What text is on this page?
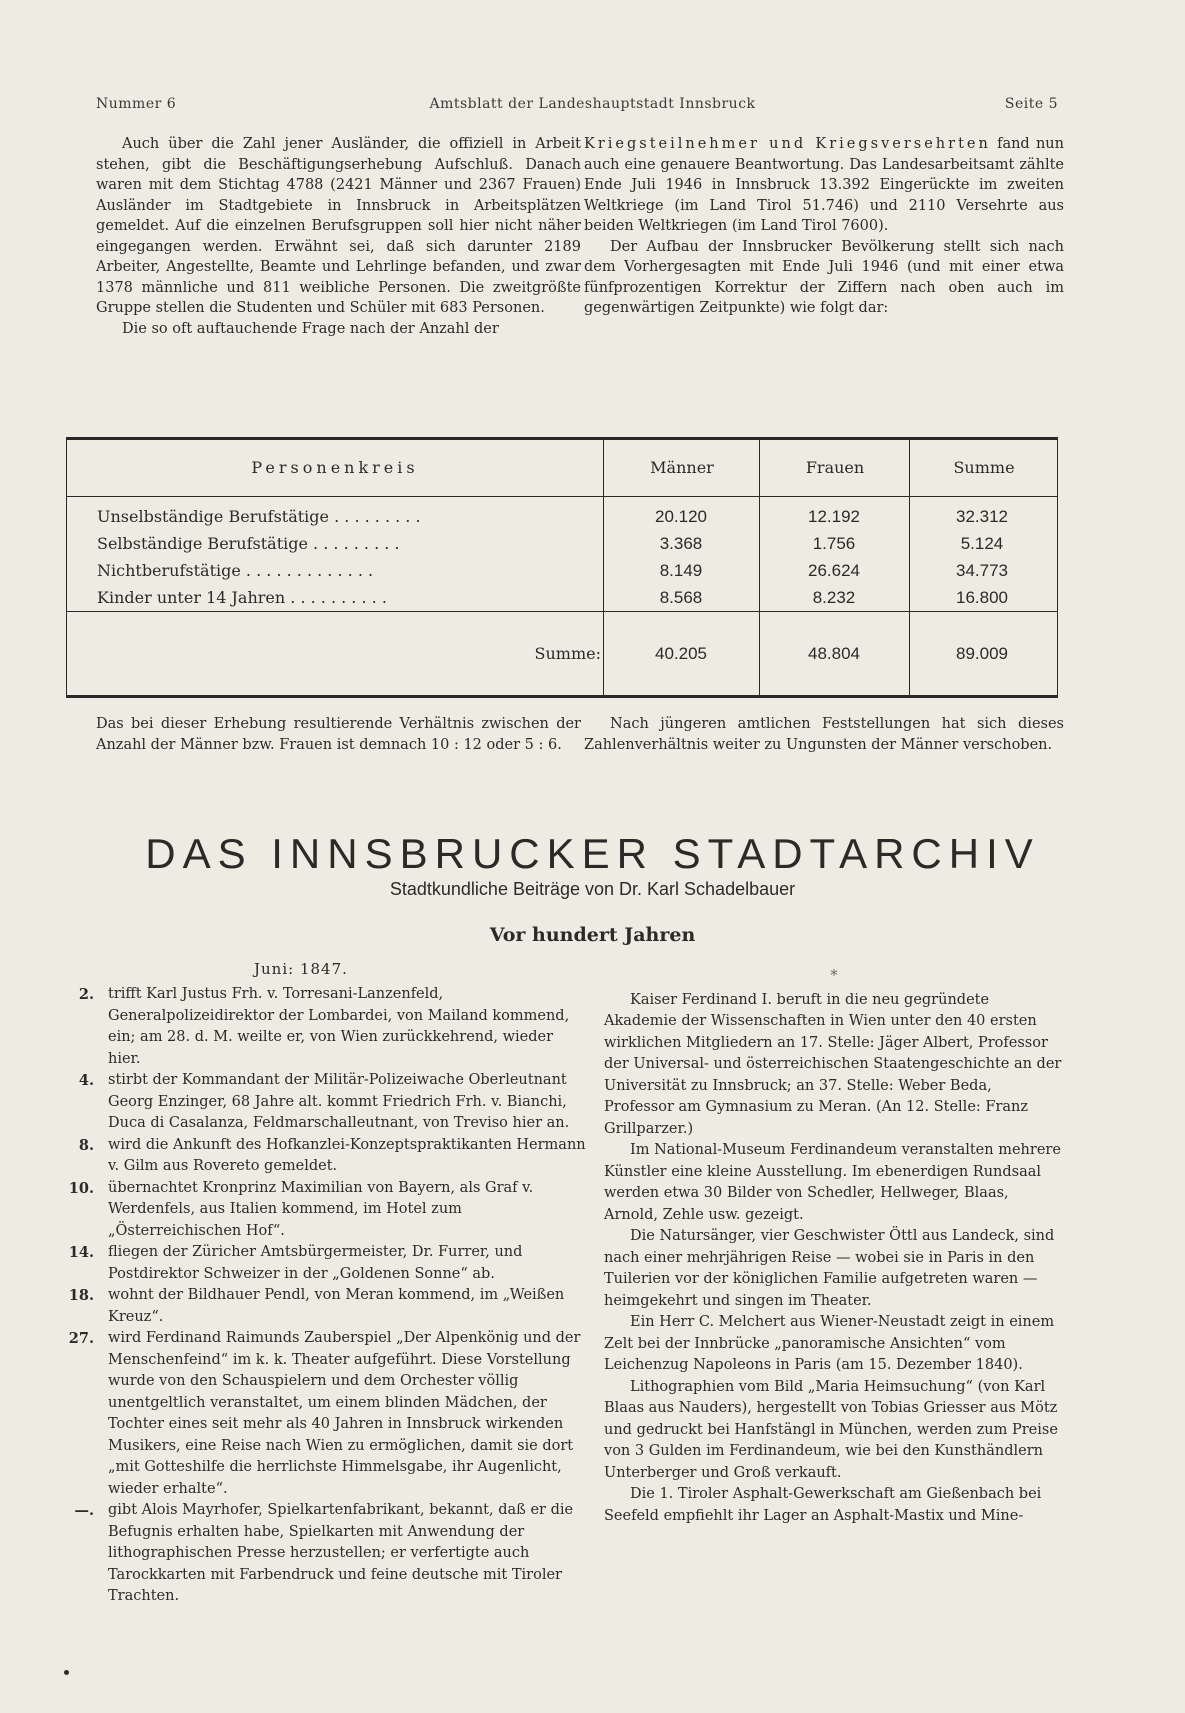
Nummer 6	Amtsblatt der Landeshauptstadt Innsbruck	Seite 5

Auch über die Zahl jener Ausländer, die offiziell in Arbeit stehen, gibt die Beschäftigungserhebung Aufschluß. Danach waren mit dem Stichtag 4788 (2421 Männer und 2367 Frauen) Ausländer im Stadtgebiete in Innsbruck in Arbeitsplätzen gemeldet. Auf die einzelnen Berufsgruppen soll hier nicht näher eingegangen werden. Erwähnt sei, daß sich darunter 2189 Arbeiter, Angestellte, Beamte und Lehrlinge befanden, und zwar 1378 männliche und 811 weibliche Personen. Die zweitgrößte Gruppe stellen die Studenten und Schüler mit 683 Personen.

Die so oft auftauchende Frage nach der Anzahl der

Kriegsteilnehmer und Kriegsversehrten fand nun auch eine genauere Beantwortung. Das Landesarbeitsamt zählte Ende Juli 1946 in Innsbruck 13.392 Eingerückte im zweiten Weltkriege (im Land Tirol 51.746) und 2110 Versehrte aus beiden Weltkriegen (im Land Tirol 7600).

Der Aufbau der Innsbrucker Bevölkerung stellt sich nach dem Vorhergesagten mit Ende Juli 1946 (und mit einer etwa fünfprozentigen Korrektur der Ziffern nach oben auch im gegenwärtigen Zeitpunkte) wie folgt dar:

Personenkreis	Männer	Frauen	Summe
Unselbständige Berufstätige . . . . . . . . .	20.120	12.192	32.312
Selbständige Berufstätige . . . . . . . . .	3.368	1.756	5.124
Nichtberufstätige . . . . . . . . . . . . .	8.149	26.624	34.773
Kinder unter 14 Jahren . . . . . . . . . .	8.568	8.232	16.800
Summe:	40.205	48.804	89.009

Das bei dieser Erhebung resultierende Verhältnis zwischen der Anzahl der Männer bzw. Frauen ist demnach 10 : 12 oder 5 : 6.

Nach jüngeren amtlichen Feststellungen hat sich dieses Zahlenverhältnis weiter zu Ungunsten der Männer verschoben.

DAS INNSBRUCKER STADTARCHIV
Stadtkundliche Beiträge von Dr. Karl Schadelbauer
Vor hundert Jahren
Juni: 1847.
2. trifft Karl Justus Frh. v. Torresani-Lanzenfeld, Generalpolizeidirektor der Lombardei, von Mailand kommend, ein; am 28. d. M. weilte er, von Wien zurückkehrend, wieder hier.
4. stirbt der Kommandant der Militär-Polizeiwache Oberleutnant Georg Enzinger, 68 Jahre alt. kommt Friedrich Frh. v. Bianchi, Duca di Casalanza, Feldmarschalleutnant, von Treviso hier an.
8. wird die Ankunft des Hofkanzlei-Konzeptspraktikanten Hermann v. Gilm aus Rovereto gemeldet.
10. übernachtet Kronprinz Maximilian von Bayern, als Graf v. Werdenfels, aus Italien kommend, im Hotel zum „Österreichischen Hof“.
14. fliegen der Züricher Amtsbürgermeister, Dr. Furrer, und Postdirektor Schweizer in der „Goldenen Sonne“ ab.
18. wohnt der Bildhauer Pendl, von Meran kommend, im „Weißen Kreuz“.
27. wird Ferdinand Raimunds Zauberspiel „Der Alpenkönig und der Menschenfeind“ im k. k. Theater aufgeführt. Diese Vorstellung wurde von den Schauspielern und dem Orchester völlig unentgeltlich veranstaltet, um einem blinden Mädchen, der Tochter eines seit mehr als 40 Jahren in Innsbruck wirkenden Musikers, eine Reise nach Wien zu ermöglichen, damit sie dort „mit Gotteshilfe die herrlichste Himmelsgabe, ihr Augenlicht, wieder erhalte“.
—. gibt Alois Mayrhofer, Spielkartenfabrikant, bekannt, daß er die Befugnis erhalten habe, Spielkarten mit Anwendung der lithographischen Presse herzustellen; er verfertigte auch Tarockkarten mit Farbendruck und feine deutsche mit Tiroler Trachten.
*

Kaiser Ferdinand I. beruft in die neu gegründete Akademie der Wissenschaften in Wien unter den 40 ersten wirklichen Mitgliedern an 17. Stelle: Jäger Albert, Professor der Universal- und österreichischen Staatengeschichte an der Universität zu Innsbruck; an 37. Stelle: Weber Beda, Professor am Gymnasium zu Meran. (An 12. Stelle: Franz Grillparzer.)

Im National-Museum Ferdinandeum veranstalten mehrere Künstler eine kleine Ausstellung. Im ebenerdigen Rundsaal werden etwa 30 Bilder von Schedler, Hellweger, Blaas, Arnold, Zehle usw. gezeigt.

Die Natursänger, vier Geschwister Öttl aus Landeck, sind nach einer mehrjährigen Reise — wobei sie in Paris in den Tuilerien vor der königlichen Familie aufgetreten waren — heimgekehrt und singen im Theater.

Ein Herr C. Melchert aus Wiener-Neustadt zeigt in einem Zelt bei der Innbrücke „panoramische Ansichten“ vom Leichenzug Napoleons in Paris (am 15. Dezember 1840).

Lithographien vom Bild „Maria Heimsuchung“ (von Karl Blaas aus Nauders), hergestellt von Tobias Griesser aus Mötz und gedruckt bei Hanfstängl in München, werden zum Preise von 3 Gulden im Ferdinandeum, wie bei den Kunsthändlern Unterberger und Groß verkauft.

Die 1. Tiroler Asphalt-Gewerkschaft am Gießenbach bei Seefeld empfiehlt ihr Lager an Asphalt-Mastix und Mine-
